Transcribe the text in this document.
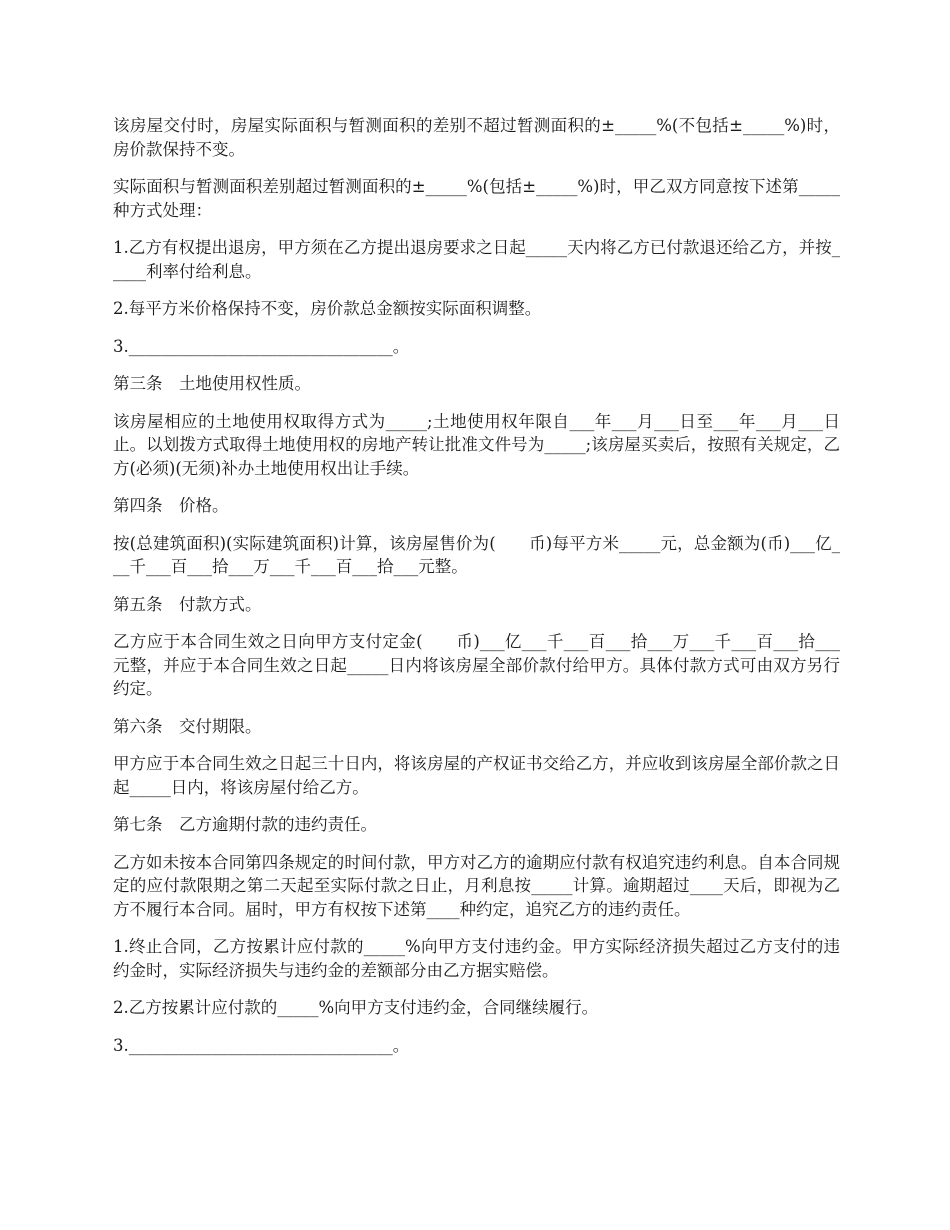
该房屋交付时，房屋实际面积与暂测面积的差别不超过暂测面积的±_____%(不包括±_____%)时，房价款保持不变。

实际面积与暂测面积差别超过暂测面积的±_____%(包括±_____%)时，甲乙双方同意按下述第_____种方式处理：

1.乙方有权提出退房，甲方须在乙方提出退房要求之日起_____天内将乙方已付款退还给乙方，并按_____利率付给利息。

2.每平方米价格保持不变，房价款总金额按实际面积调整。

3.________________________________。

第三条　土地使用权性质。

该房屋相应的土地使用权取得方式为_____;土地使用权年限自___年___月___日至___年___月___日止。以划拨方式取得土地使用权的房地产转让批准文件号为_____;该房屋买卖后，按照有关规定，乙方(必须)(无须)补办土地使用权出让手续。

第四条　价格。

按(总建筑面积)(实际建筑面积)计算，该房屋售价为(　　币)每平方米_____元，总金额为(币)___亿___千___百___拾___万___千___百___拾___元整。

第五条　付款方式。

乙方应于本合同生效之日向甲方支付定金(　　币)___亿___千___百___拾___万___千___百___拾___元整，并应于本合同生效之日起_____日内将该房屋全部价款付给甲方。具体付款方式可由双方另行约定。

第六条　交付期限。

甲方应于本合同生效之日起三十日内，将该房屋的产权证书交给乙方，并应收到该房屋全部价款之日起_____日内，将该房屋付给乙方。

第七条　乙方逾期付款的违约责任。

乙方如未按本合同第四条规定的时间付款，甲方对乙方的逾期应付款有权追究违约利息。自本合同规定的应付款限期之第二天起至实际付款之日止，月利息按_____计算。逾期超过____天后，即视为乙方不履行本合同。届时，甲方有权按下述第____种约定，追究乙方的违约责任。

1.终止合同，乙方按累计应付款的_____%向甲方支付违约金。甲方实际经济损失超过乙方支付的违约金时，实际经济损失与违约金的差额部分由乙方据实赔偿。

2.乙方按累计应付款的_____%向甲方支付违约金，合同继续履行。

3.________________________________。
